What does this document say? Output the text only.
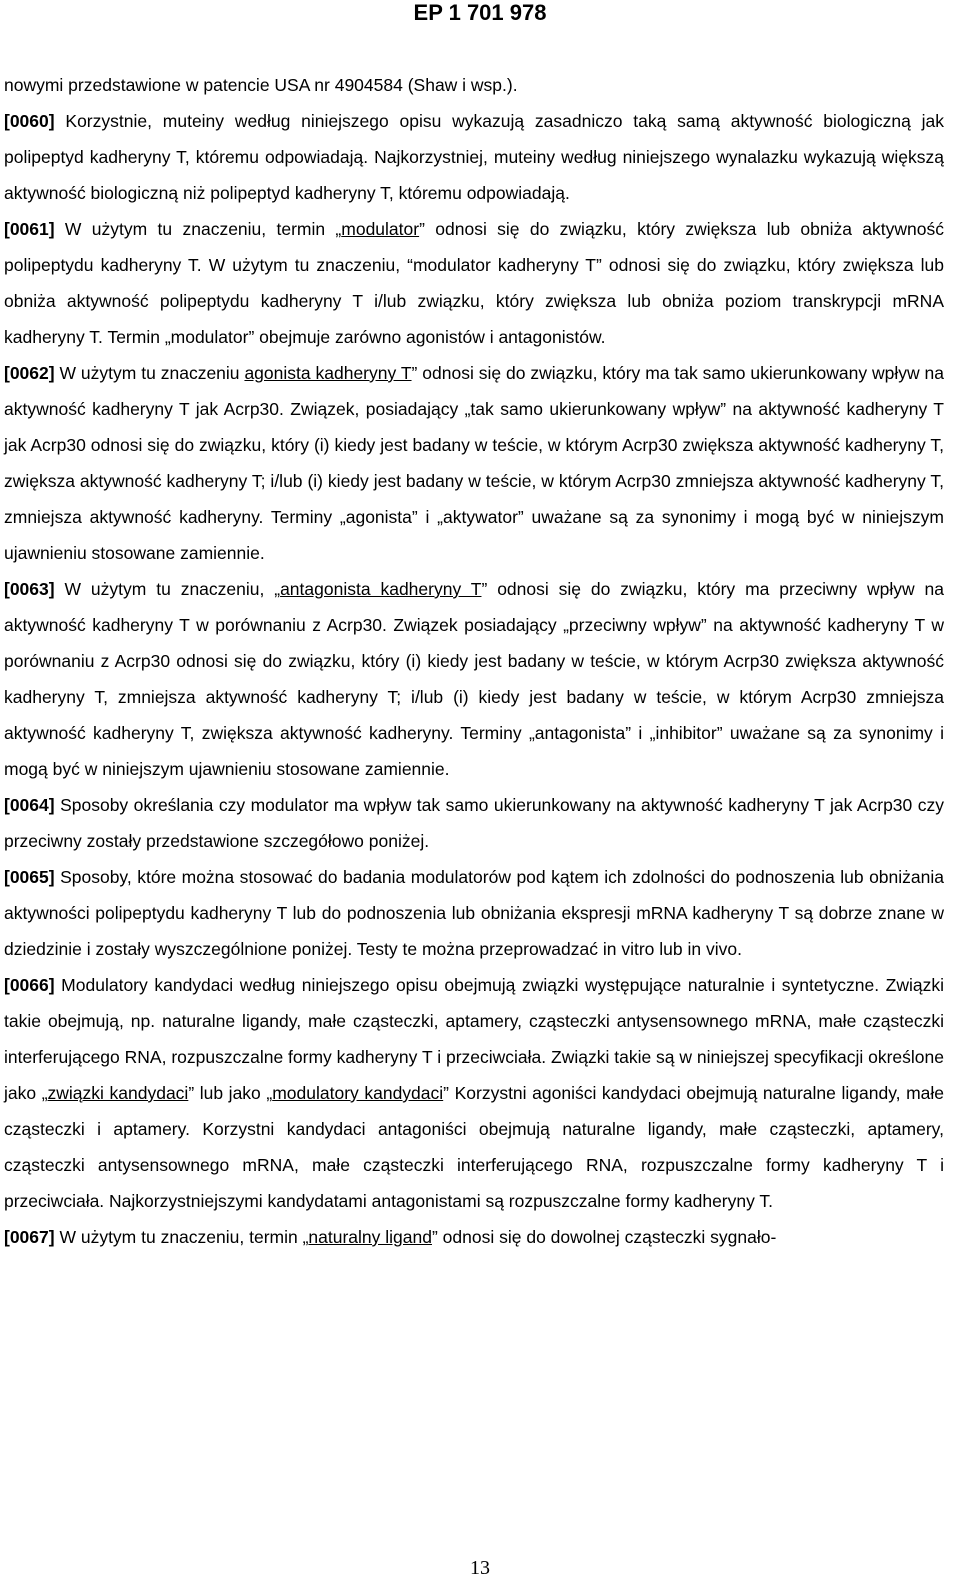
EP 1 701 978

nowymi przedstawione w patencie USA nr 4904584 (Shaw i wsp.).

[0060] Korzystnie, muteiny według niniejszego opisu wykazują zasadniczo taką samą aktywność biologiczną jak polipeptyd kadheryny T, któremu odpowiadają. Najkorzystniej, muteiny według niniejszego wynalazku wykazują większą aktywność biologiczną niż polipeptyd kadheryny T, któremu odpowiadają.

[0061] W użytym tu znaczeniu, termin „modulator” odnosi się do związku, który zwiększa lub obniża aktywność polipeptydu kadheryny T. W użytym tu znaczeniu, “modulator kadheryny T” odnosi się do związku, który zwiększa lub obniża aktywność polipeptydu kadheryny T i/lub związku, który zwiększa lub obniża poziom transkrypcji mRNA kadheryny T. Termin „modulator” obejmuje zarówno agonistów i antagonistów.

[0062] W użytym tu znaczeniu agonista kadheryny T” odnosi się do związku, który ma tak samo ukierunkowany wpływ na aktywność kadheryny T jak Acrp30. Związek, posiadający „tak samo ukierunkowany wpływ” na aktywność kadheryny T jak Acrp30 odnosi się do związku, który (i) kiedy jest badany w teście, w którym Acrp30 zwiększa aktywność kadheryny T, zwiększa aktywność kadheryny T; i/lub (i) kiedy jest badany w teście, w którym Acrp30 zmniejsza aktywność kadheryny T, zmniejsza aktywność kadheryny. Terminy „agonista” i „aktywator” uważane są za synonimy i mogą być w niniejszym ujawnieniu stosowane zamiennie.

[0063] W użytym tu znaczeniu, „antagonista kadheryny T” odnosi się do związku, który ma przeciwny wpływ na aktywność kadheryny T w porównaniu z Acrp30. Związek posiadający „przeciwny wpływ” na aktywność kadheryny T w porównaniu z Acrp30 odnosi się do związku, który (i) kiedy jest badany w teście, w którym Acrp30 zwiększa aktywność kadheryny T, zmniejsza aktywność kadheryny T; i/lub (i) kiedy jest badany w teście, w którym Acrp30 zmniejsza aktywność kadheryny T, zwiększa aktywność kadheryny. Terminy „antagonista” i „inhibitor” uważane są za synonimy i mogą być w niniejszym ujawnieniu stosowane zamiennie.

[0064] Sposoby określania czy modulator ma wpływ tak samo ukierunkowany na aktywność kadheryny T jak Acrp30 czy przeciwny zostały przedstawione szczegółowo poniżej.

[0065] Sposoby, które można stosować do badania modulatorów pod kątem ich zdolności do podnoszenia lub obniżania aktywności polipeptydu kadheryny T lub do podnoszenia lub obniżania ekspresji mRNA kadheryny T są dobrze znane w dziedzinie i zostały wyszczególnione poniżej. Testy te można przeprowadzać in vitro lub in vivo.

[0066] Modulatory kandydaci według niniejszego opisu obejmują związki występujące naturalnie i syntetyczne. Związki takie obejmują, np. naturalne ligandy, małe cząsteczki, aptamery, cząsteczki antysensownego mRNA, małe cząsteczki interferującego RNA, rozpuszczalne formy kadheryny T i przeciwciała. Związki takie są w niniejszej specyfikacji określone jako „związki kandydaci” lub jako „modulatory kandydaci” Korzystni agoniści kandydaci obejmują naturalne ligandy, małe cząsteczki i aptamery. Korzystni kandydaci antagoniści obejmują naturalne ligandy, małe cząsteczki, aptamery, cząsteczki antysensownego mRNA, małe cząsteczki interferującego RNA, rozpuszczalne formy kadheryny T i przeciwciała. Najkorzystniejszymi kandydatami antagonistami są rozpuszczalne formy kadheryny T.

[0067] W użytym tu znaczeniu, termin „naturalny ligand” odnosi się do dowolnej cząsteczki sygnało-

13
